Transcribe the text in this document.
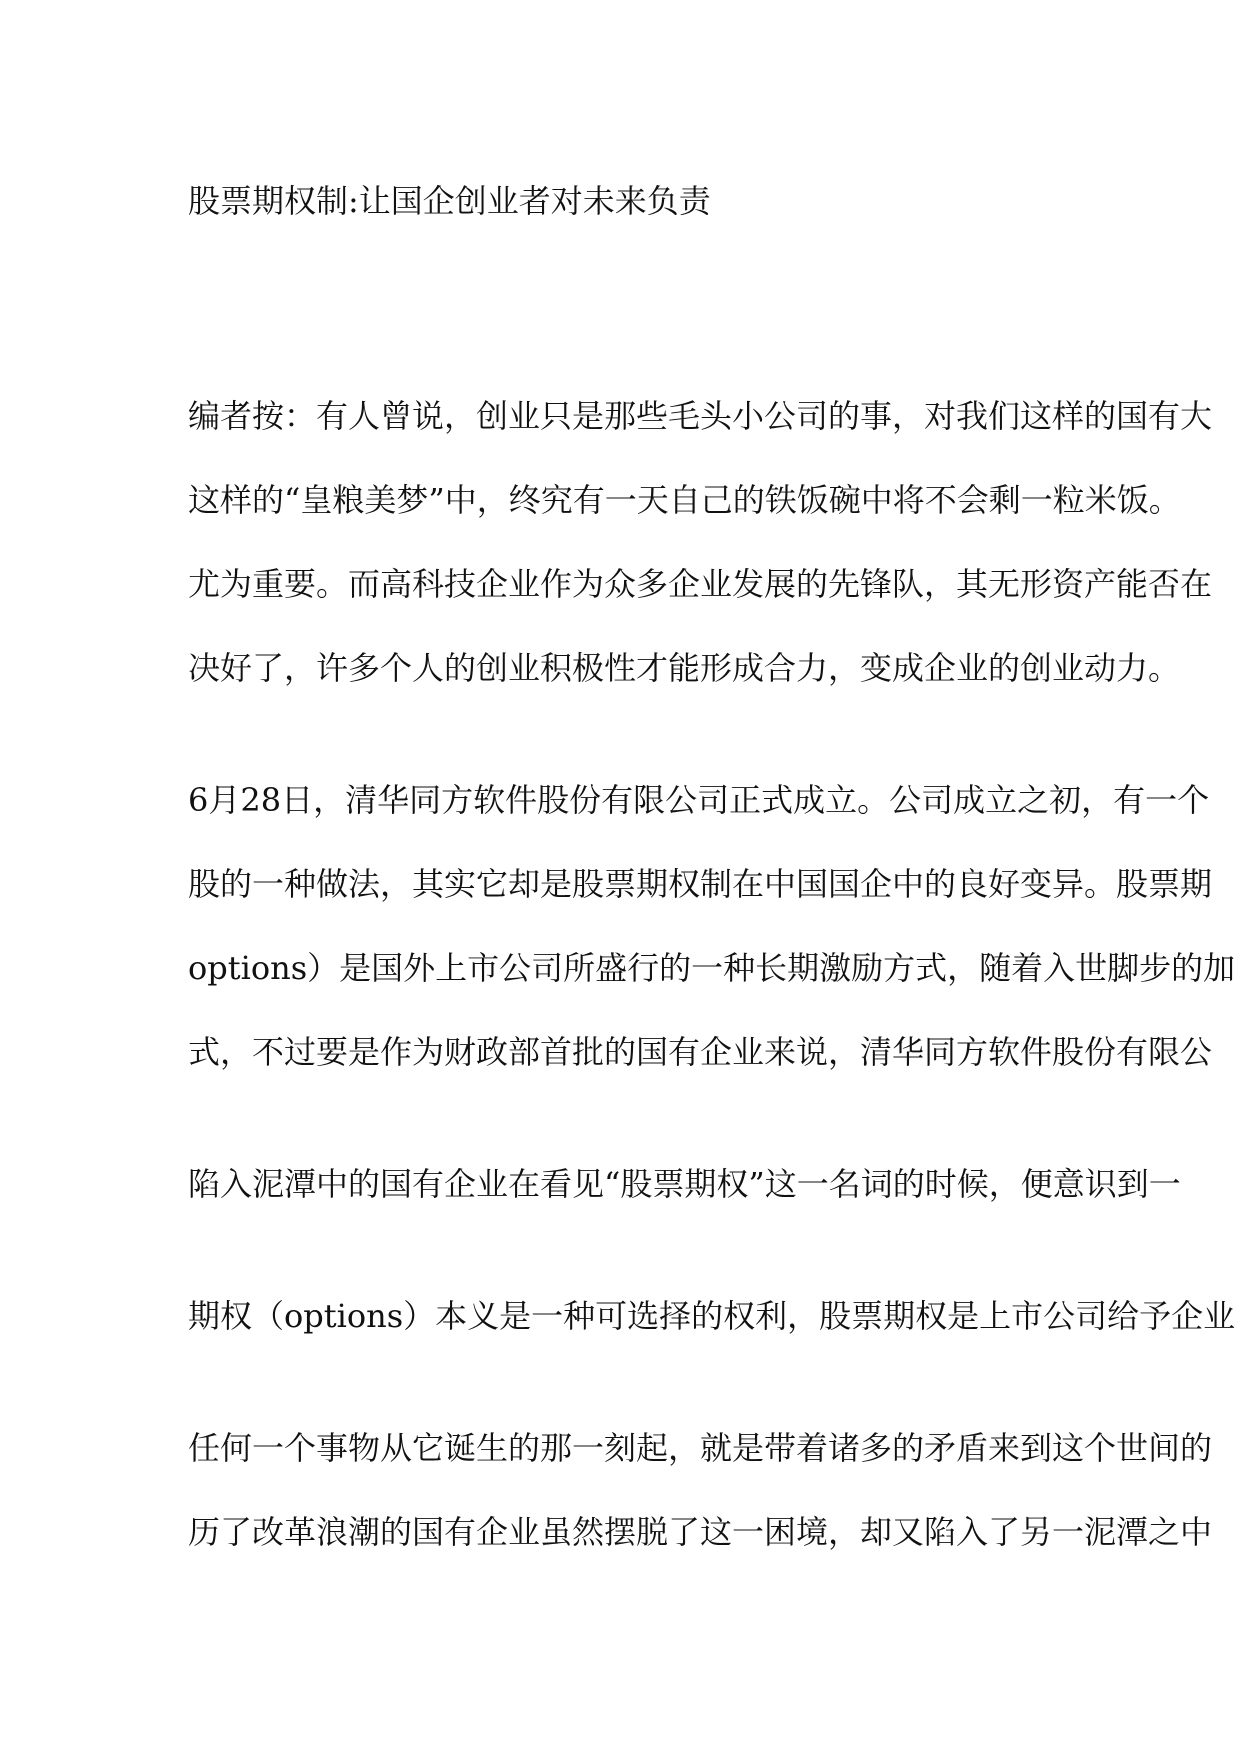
股票期权制:让国企创业者对未来负责
编者按：有人曾说，创业只是那些毛头小公司的事，对我们这样的国有大
这样的“皇粮美梦”中，终究有一天自己的铁饭碗中将不会剩一粒米饭。
尤为重要。而高科技企业作为众多企业发展的先锋队，其无形资产能否在
决好了，许多个人的创业积极性才能形成合力，变成企业的创业动力。
6月28日，清华同方软件股份有限公司正式成立。公司成立之初，有一个
股的一种做法，其实它却是股票期权制在中国国企中的良好变异。股票期
options）是国外上市公司所盛行的一种长期激励方式，随着入世脚步的加
式，不过要是作为财政部首批的国有企业来说，清华同方软件股份有限公
陷入泥潭中的国有企业在看见“股票期权”这一名词的时候，便意识到一
期权（options）本义是一种可选择的权利，股票期权是上市公司给予企业
任何一个事物从它诞生的那一刻起，就是带着诸多的矛盾来到这个世间的
历了改革浪潮的国有企业虽然摆脱了这一困境，却又陷入了另一泥潭之中
